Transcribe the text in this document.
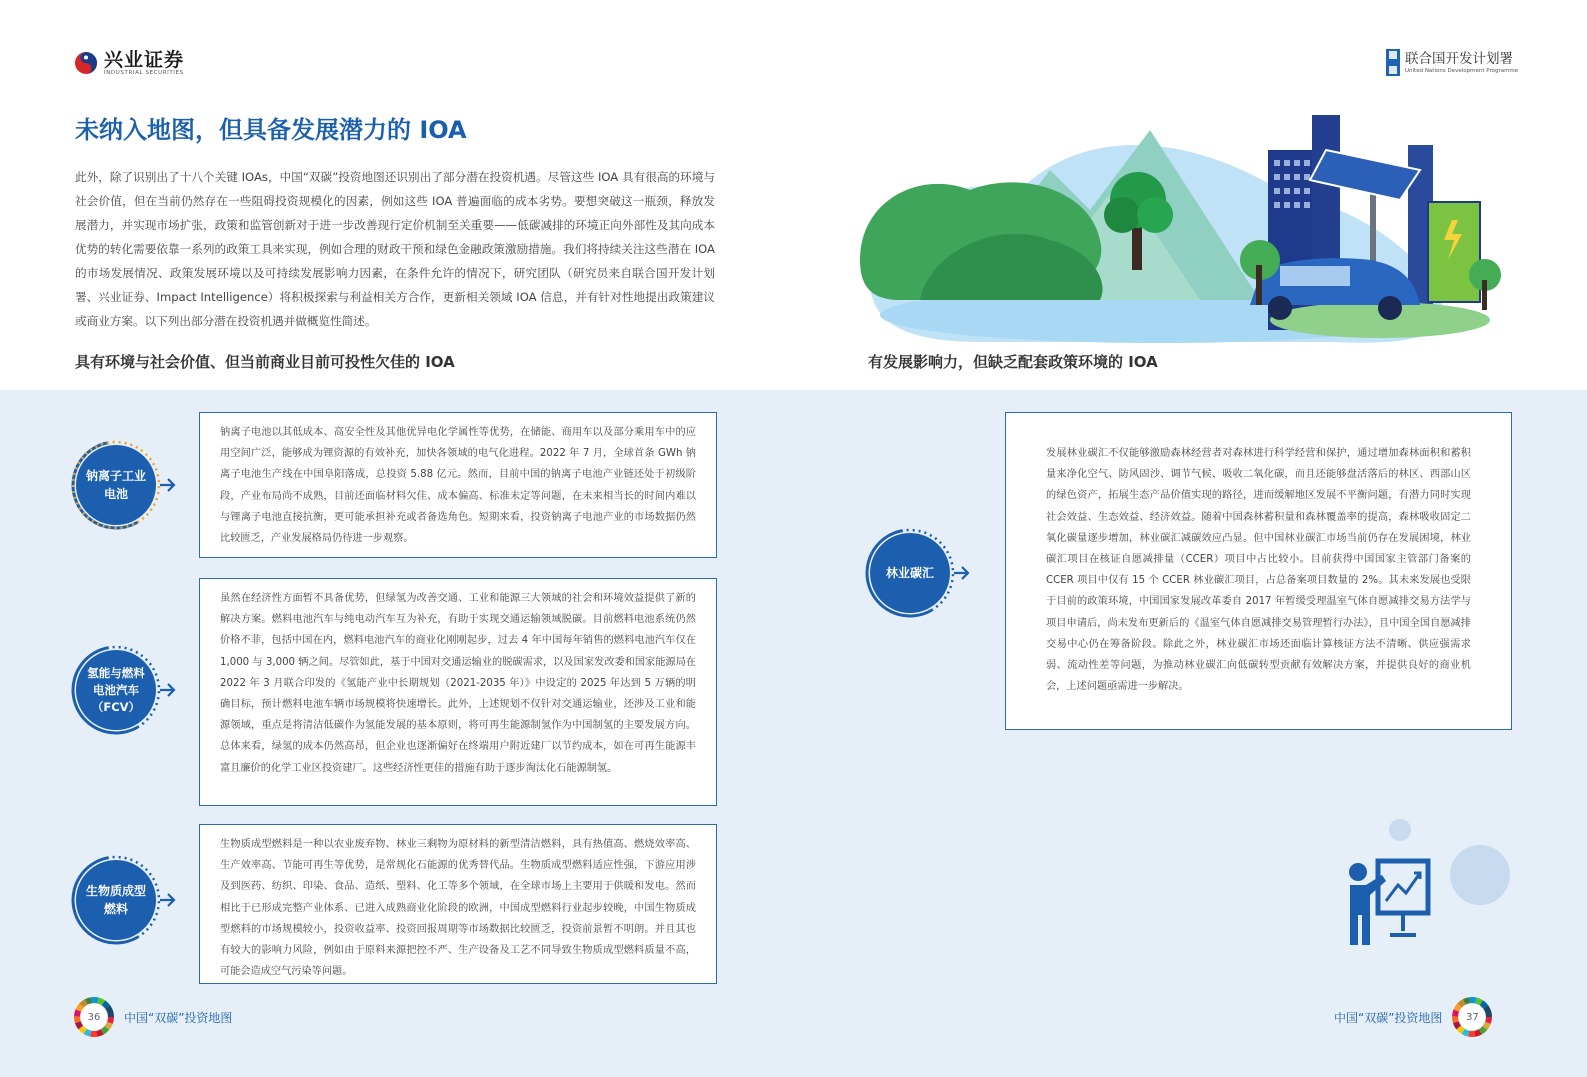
兴业证券
INDUSTRIAL SECURITIES
联合国开发计划署
United Nations Development Programme
未纳入地图，但具备发展潜力的 IOA

此外，除了识别出了十八个关键 IOAs，中国“双碳”投资地图还识别出了部分潜在投资机遇。尽管这些 IOA 具有很高的环境与社会价值，但在当前仍然存在一些阻碍投资规模化的因素，例如这些 IOA 普遍面临的成本劣势。要想突破这一瓶颈，释放发展潜力，并实现市场扩张，政策和监管创新对于进一步改善现行定价机制至关重要——低碳减排的环境正向外部性及其向成本优势的转化需要依靠一系列的政策工具来实现，例如合理的财政干预和绿色金融政策激励措施。我们将持续关注这些潜在 IOA 的市场发展情况、政策发展环境以及可持续发展影响力因素，在条件允许的情况下，研究团队（研究员来自联合国开发计划署、兴业证券、Impact Intelligence）将积极探索与利益相关方合作，更新相关领域 IOA 信息，并有针对性地提出政策建议或商业方案。以下列出部分潜在投资机遇并做概览性简述。

具有环境与社会价值、但当前商业目前可投性欠佳的 IOA	有发展影响力，但缺乏配套政策环境的 IOA
钠离子工业
电池

钠离子电池以其低成本、高安全性及其他优异电化学属性等优势，在储能、商用车以及部分乘用车中的应用空间广泛，能够成为锂资源的有效补充，加快各领域的电气化进程。2022 年 7 月，全球首条 GWh 钠离子电池生产线在中国阜阳落成，总投资 5.88 亿元。然而，目前中国的钠离子电池产业链还处于初级阶段，产业布局尚不成熟，目前还面临材料欠佳、成本偏高、标准未定等问题，在未来相当长的时间内难以与锂离子电池直接抗衡，更可能承担补充或者备选角色。短期来看，投资钠离子电池产业的市场数据仍然比较匮乏，产业发展格局仍待进一步观察。

氢能与燃料
电池汽车
（FCV）

虽然在经济性方面暂不具备优势，但绿氢为改善交通、工业和能源三大领域的社会和环境效益提供了新的解决方案。燃料电池汽车与纯电动汽车互为补充，有助于实现交通运输领域脱碳。目前燃料电池系统仍然价格不菲，包括中国在内，燃料电池汽车的商业化刚刚起步，过去 4 年中国每年销售的燃料电池汽车仅在 1,000 与 3,000 辆之间。尽管如此，基于中国对交通运输业的脱碳需求，以及国家发改委和国家能源局在 2022 年 3 月联合印发的《氢能产业中长期规划（2021-2035 年）》中设定的 2025 年达到 5 万辆的明确目标，预计燃料电池车辆市场规模将快速增长。此外，上述规划不仅针对交通运输业，还涉及工业和能源领域，重点是将清洁低碳作为氢能发展的基本原则，将可再生能源制氢作为中国制氢的主要发展方向。总体来看，绿氢的成本仍然高昂，但企业也逐渐偏好在终端用户附近建厂以节约成本，如在可再生能源丰富且廉价的化学工业区投资建厂。这些经济性更佳的措施有助于逐步淘汰化石能源制氢。

生物质成型
燃料

生物质成型燃料是一种以农业废弃物、林业三剩物为原材料的新型清洁燃料，具有热值高、燃烧效率高、生产效率高、节能可再生等优势，是常规化石能源的优秀替代品。生物质成型燃料适应性强，下游应用涉及到医药、纺织、印染、食品、造纸、塑料、化工等多个领域，在全球市场上主要用于供暖和发电。然而相比于已形成完整产业体系、已进入成熟商业化阶段的欧洲，中国成型燃料行业起步较晚，中国生物质成型燃料的市场规模较小，投资收益率、投资回报周期等市场数据比较匮乏，投资前景暂不明朗。并且其也有较大的影响力风险，例如由于原料来源把控不严、生产设备及工艺不同导致生物质成型燃料质量不高，可能会造成空气污染等问题。

林业碳汇

发展林业碳汇不仅能够激励森林经营者对森林进行科学经营和保护，通过增加森林面积和蓄积量来净化空气、防风固沙、调节气候、吸收二氧化碳，而且还能够盘活落后的林区、西部山区的绿色资产，拓展生态产品价值实现的路径，进而缓解地区发展不平衡问题，有潜力同时实现社会效益、生态效益、经济效益。随着中国森林蓄积量和森林覆盖率的提高，森林吸收固定二氧化碳量逐步增加，林业碳汇减碳效应凸显。但中国林业碳汇市场当前仍存在发展困境，林业碳汇项目在核证自愿减排量（CCER）项目中占比较小。目前获得中国国家主管部门备案的 CCER 项目中仅有 15 个 CCER 林业碳汇项目，占总备案项目数量的 2%。其未来发展也受限于目前的政策环境，中国国家发展改革委自 2017 年暂缓受理温室气体自愿减排交易方法学与项目申请后，尚未发布更新后的《温室气体自愿减排交易管理暂行办法》，且中国全国自愿减排交易中心仍在筹备阶段。除此之外，林业碳汇市场还面临计算核证方法不清晰、供应强需求弱、流动性差等问题，为推动林业碳汇向低碳转型贡献有效解决方案，并提供良好的商业机会，上述问题亟需进一步解决。

36	中国“双碳”投资地图	中国“双碳”投资地图	37
